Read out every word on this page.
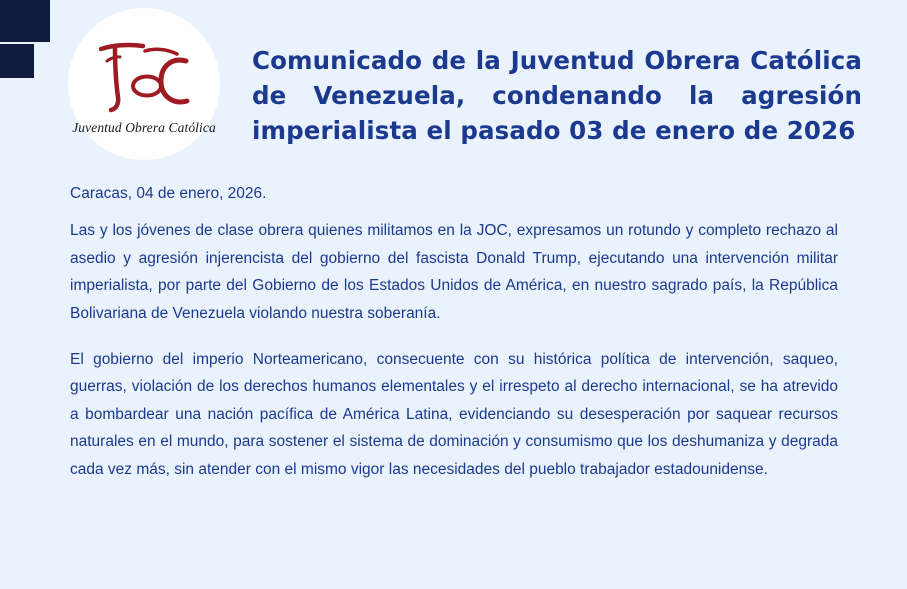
Juventud Obrera Católica
Comunicado de la Juventud Obrera Católica de Venezuela, condenando la agresión imperialista el pasado 03 de enero de 2026

Caracas, 04 de enero, 2026.

Las y los jóvenes de clase obrera quienes militamos en la JOC, expresamos un rotundo y completo rechazo al asedio y agresión injerencista del gobierno del fascista Donald Trump, ejecutando una intervención militar imperialista, por parte del Gobierno de los Estados Unidos de América, en nuestro sagrado país, la República Bolivariana de Venezuela violando nuestra soberanía.

El gobierno del imperio Norteamericano, consecuente con su histórica política de intervención, saqueo, guerras, violación de los derechos humanos elementales y el irrespeto al derecho internacional, se ha atrevido a bombardear una nación pacífica de América Latina, evidenciando su desesperación por saquear recursos naturales en el mundo, para sostener el sistema de dominación y consumismo que los deshumaniza y degrada cada vez más, sin atender con el mismo vigor las necesidades del pueblo trabajador estadounidense.
